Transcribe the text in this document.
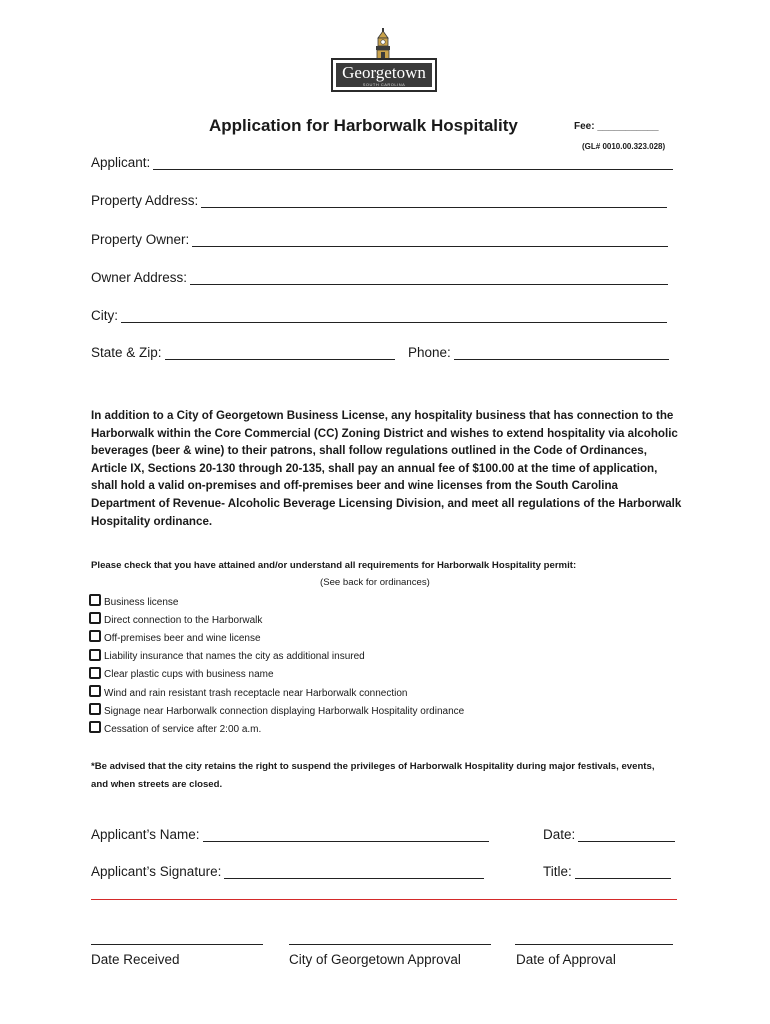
Georgetown
SOUTH CAROLINA
Application for Harborwalk Hospitality	Fee: ___________
(GL# 0010.00.323.028)
Applicant:
Property Address:
Property Owner:
Owner Address:
City:
State & Zip:	Phone:

In addition to a City of Georgetown Business License, any hospitality business that has connection to the Harborwalk within the Core Commercial (CC) Zoning District and wishes to extend hospitality via alcoholic beverages (beer & wine) to their patrons, shall follow regulations outlined in the Code of Ordinances, Article IX, Sections 20-130 through 20-135, shall pay an annual fee of $100.00 at the time of application, shall hold a valid on-premises and off-premises beer and wine licenses from the South Carolina Department of Revenue- Alcoholic Beverage Licensing Division, and meet all regulations of the Harborwalk Hospitality ordinance.

Please check that you have attained and/or understand all requirements for Harborwalk Hospitality permit:
(See back for ordinances)
Business license
Direct connection to the Harborwalk
Off-premises beer and wine license
Liability insurance that names the city as additional insured
Clear plastic cups with business name
Wind and rain resistant trash receptacle near Harborwalk connection
Signage near Harborwalk connection displaying Harborwalk Hospitality ordinance
Cessation of service after 2:00 a.m.

*Be advised that the city retains the right to suspend the privileges of Harborwalk Hospitality during major festivals, events, and when streets are closed.

Applicant’s Name:	Date:
Applicant’s Signature:	Title:
Date Received	City of Georgetown Approval	Date of Approval
